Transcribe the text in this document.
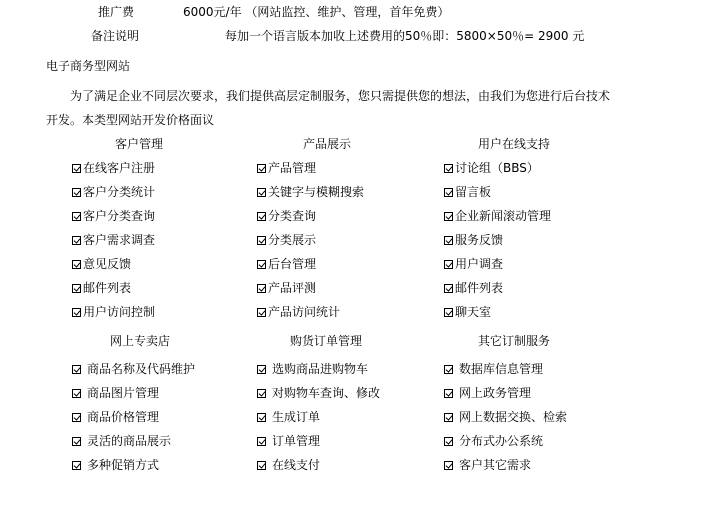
推广费	6000元/年 （网站监控、维护、管理，首年免费）
备注说明	每加一个语言版本加收上述费用的50％即：5800×50％= 2900 元
电子商务型网站
为了满足企业不同层次要求，我们提供高层定制服务，您只需提供您的想法，由我们为您进行后台技术开发。本类型网站开发价格面议
客户管理
在线客户注册
客户分类统计
客户分类查询
客户需求调查
意见反馈
邮件列表
用户访问控制
产品展示
产品管理
关键字与模糊搜索
分类查询
分类展示
后台管理
产品评测
产品访问统计
用户在线支持
讨论组（BBS）
留言板
企业新闻滚动管理
服务反馈
用户调查
邮件列表
聊天室
网上专卖店
商品名称及代码维护
商品图片管理
商品价格管理
灵活的商品展示
多种促销方式
购货订单管理
选购商品进购物车
对购物车查询、修改
生成订单
订单管理
在线支付
其它订制服务
数据库信息管理
网上政务管理
网上数据交换、检索
分布式办公系统
客户其它需求
